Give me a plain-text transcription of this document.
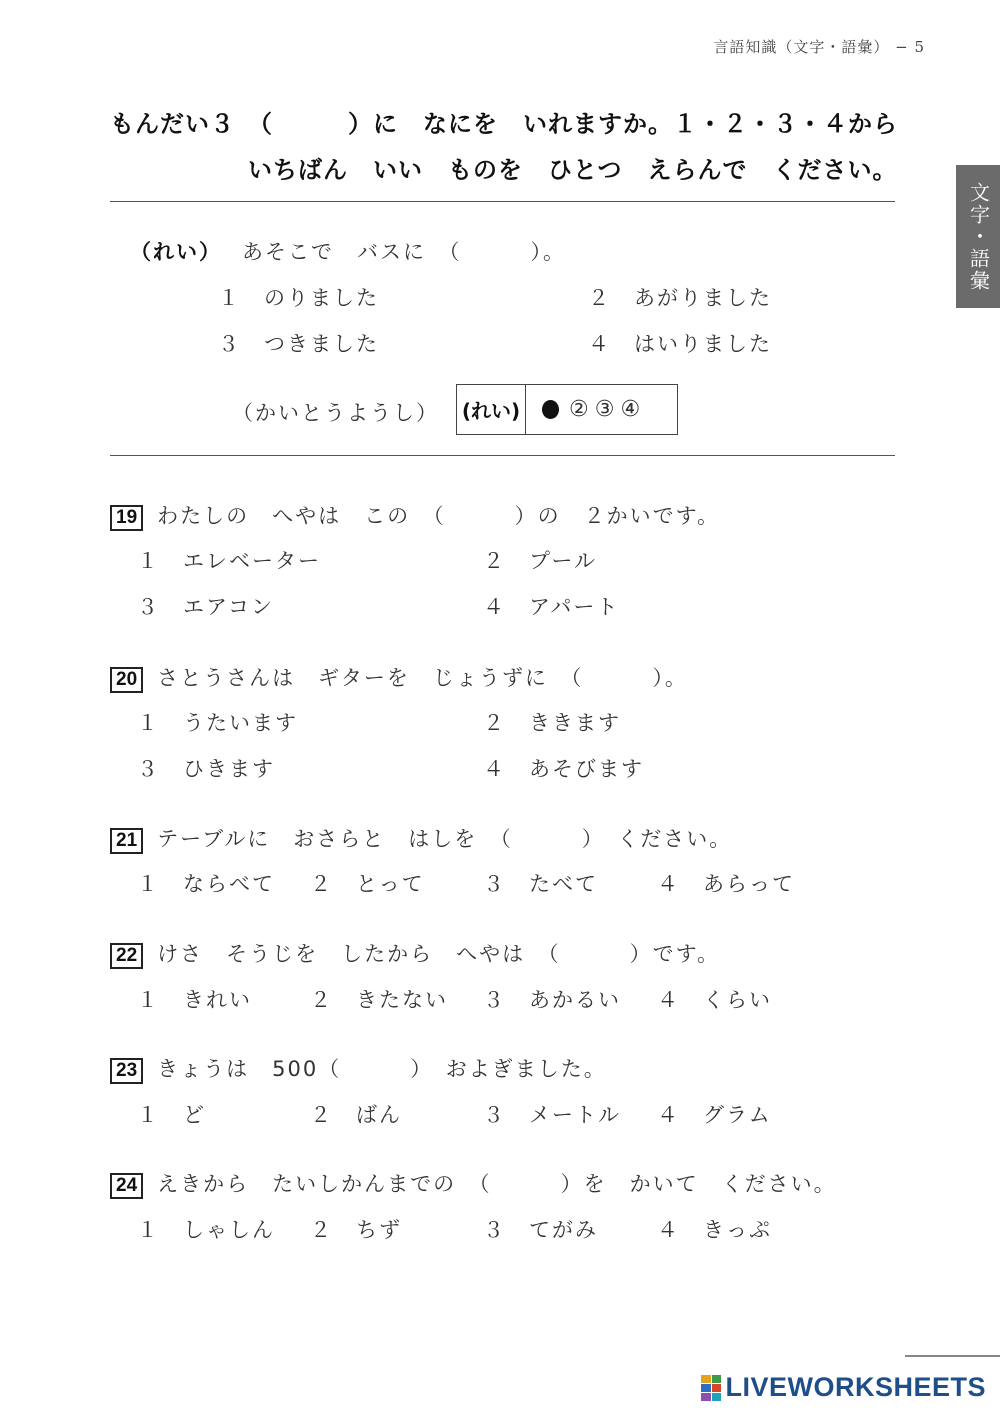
言語知識（文字・語彙） − 5
文字・語彙
もんだい３　（　　　）に　なにを　いれますか。１・２・３・４から
いちばん　いい　ものを　ひとつ　えらんで　ください。
（れい） あそこで　バスに　（　　　）。
１　のりました	２　あがりました
３　つきました	４　はいりました
（かいとうようし） (れい) ② ③ ④
19 わたしの　へやは　この　（　　　）の　２かいです。
１　エレベーター	２　プール
３　エアコン	４　アパート
20 さとうさんは　ギターを　じょうずに　（　　　）。
１　うたいます	２　ききます
３　ひきます	４　あそびます
21 テーブルに　おさらと　はしを　（　　　）　ください。
１　ならべて ２　とって	３　たべて	４　あらって
22 けさ　そうじを　したから　へやは　（　　　）です。
１　きれい	２　きたない ３　あかるい ４　くらい
23 きょうは　500（　　　）　およぎました。
１　ど	２　ばん	３　メートル ４　グラム
24 えきから　たいしかんまでの　（　　　）を　かいて　ください。
１　しゃしん ２　ちず	３　てがみ	４　きっぷ
LIVEWORKSHEETS
